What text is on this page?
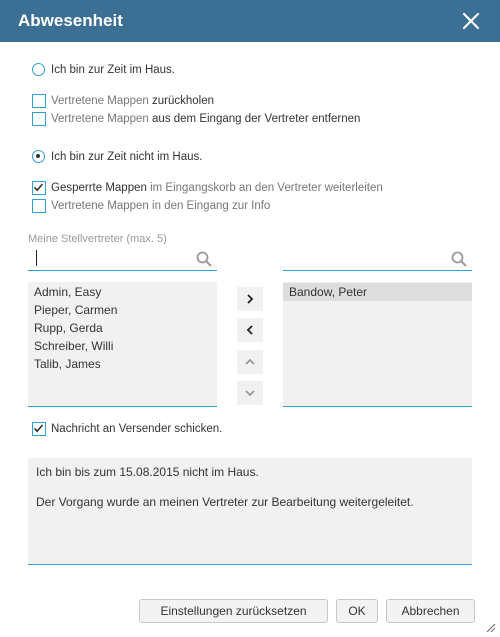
Abwesenheit
Ich bin zur Zeit im Haus.
Vertretene Mappen zurückholen
Vertretene Mappen aus dem Eingang der Vertreter entfernen
Ich bin zur Zeit nicht im Haus.
Gesperrte Mappen im Eingangskorb an den Vertreter weiterleiten
Vertretene Mappen in den Eingang zur Info
Meine Stellvertreter (max. 5)
Admin, Easy
Pieper, Carmen
Rupp, Gerda
Schreiber, Willi
Talib, James
Bandow, Peter
Nachricht an Versender schicken.

Ich bin bis zum 15.08.2015 nicht im Haus.

Der Vorgang wurde an meinen Vertreter zur Bearbeitung weitergeleitet.

Einstellungen zurücksetzen	OK	Abbrechen
